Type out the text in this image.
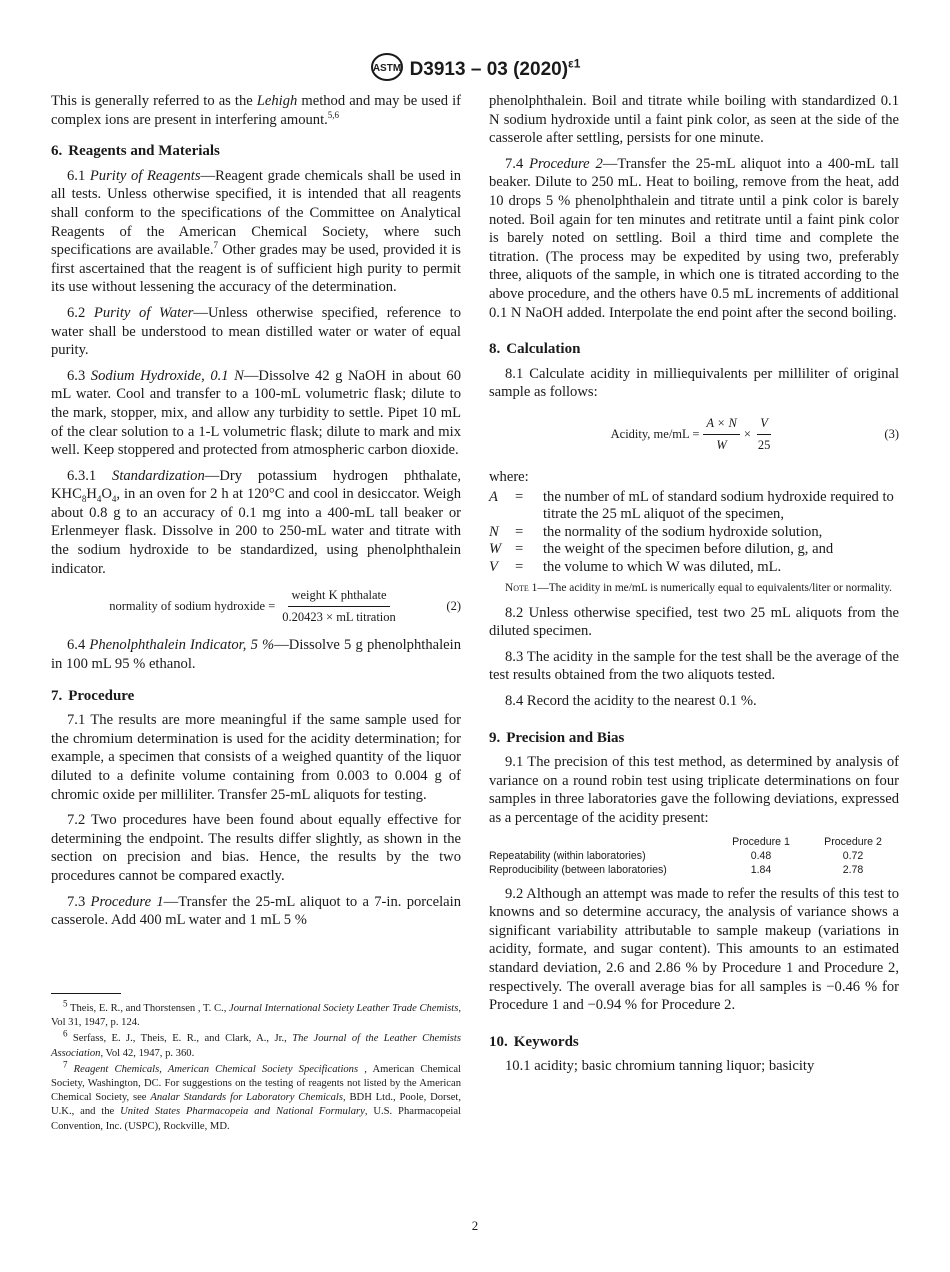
ASTM D3913 – 03 $(2020)^{\varepsilon 1}$

This is generally referred to as the Lehigh method and may be used if complex ions are present in interfering amount.$^{5,6}$

6. Reagents and Materials

6.1 Purity of Reagents—Reagent grade chemicals shall be used in all tests. Unless otherwise specified, it is intended that all reagents shall conform to the specifications of the Committee on Analytical Reagents of the American Chemical Society, where such specifications are available.$^7$ Other grades may be used, provided it is first ascertained that the reagent is of sufficient high purity to permit its use without lessening the accuracy of the determination.

6.2 Purity of Water—Unless otherwise specified, reference to water shall be understood to mean distilled water or water of equal purity.

6.3 Sodium Hydroxide, 0.1 N—Dissolve 42 g NaOH in about 60 mL water. Cool and transfer to a 100-mL volumetric flask; dilute to the mark, stopper, mix, and allow any turbidity to settle. Pipet 10 mL of the clear solution to a 1-L volumetric flask; dilute to mark and mix well. Keep stoppered and protected from atmospheric carbon dioxide.

6.3.1 Standardization—Dry potassium hydrogen phthalate, $KHC_8H_4O_4$, in an oven for 2 h at 120°C and cool in desiccator. Weigh about 0.8 g to an accuracy of 0.1 mg into a 400-mL tall beaker or Erlenmeyer flask. Dissolve in 200 to 250-mL water and titrate with the sodium hydroxide to be standardized, using phenolphthalein indicator.

normality of sodium hydroxide = $\frac{\text{weight K phthalate}}{\text{0.20423 × mL titration}}$	(2)

6.4 Phenolphthalein Indicator, 5 %—Dissolve 5 g phenolphthalein in 100 mL 95 % ethanol.

7. Procedure

7.1 The results are more meaningful if the same sample used for the chromium determination is used for the acidity determination; for example, a specimen that consists of a weighed quantity of the liquor diluted to a definite volume containing from 0.003 to 0.004 g of chromic oxide per milliliter. Transfer 25-mL aliquots for testing.

7.2 Two procedures have been found about equally effective for determining the endpoint. The results differ slightly, as shown in the section on precision and bias. Hence, the results by the two procedures cannot be compared exactly.

7.3 Procedure 1—Transfer the 25-mL aliquot to a 7-in. porcelain casserole. Add 400 mL water and 1 mL 5 %

$^5$ Theis, E. R., and Thorstensen , T. C., Journal International Society Leather Trade Chemists, Vol 31, 1947, p. 124.

$^6$ Serfass, E. J., Theis, E. R., and Clark, A., Jr., The Journal of the Leather Chemists Association, Vol 42, 1947, p. 360.

$^7$ Reagent Chemicals, American Chemical Society Specifications , American Chemical Society, Washington, DC. For suggestions on the testing of reagents not listed by the American Chemical Society, see Analar Standards for Laboratory Chemicals, BDH Ltd., Poole, Dorset, U.K., and the United States Pharmacopeia and National Formulary, U.S. Pharmacopeial Convention, Inc. (USPC), Rockville, MD.

phenolphthalein. Boil and titrate while boiling with standardized 0.1 N sodium hydroxide until a faint pink color, as seen at the side of the casserole after settling, persists for one minute.

7.4 Procedure 2—Transfer the 25-mL aliquot into a 400-mL tall beaker. Dilute to 250 mL. Heat to boiling, remove from the heat, add 10 drops 5 % phenolphthalein and titrate until a pink color is barely noted. Boil again for ten minutes and retitrate until a faint pink color is barely noted on settling. Boil a third time and complete the titration. (The process may be expedited by using two, preferably three, aliquots of the sample, in which one is titrated according to the above procedure, and the others have 0.5 mL increments of additional 0.1 N NaOH added. Interpolate the end point after the second boiling.

8. Calculation

8.1 Calculate acidity in milliequivalents per milliliter of original sample as follows:

Acidity, $me/mL = \frac{A \times N}{W} \times \frac{V}{25}$	(3)

where:

A	=	the number of mL of standard sodium hydroxide required to titrate the 25 mL aliquot of the specimen,
N	=	the normality of the sodium hydroxide solution,
W =	the weight of the specimen before dilution, g, and
V	=	the volume to which W was diluted, mL.
Note 1—The acidity in me/mL is numerically equal to equivalents/liter or normality.

8.2 Unless otherwise specified, test two 25 mL aliquots from the diluted specimen.

8.3 The acidity in the sample for the test shall be the average of the test results obtained from the two aliquots tested.

8.4 Record the acidity to the nearest 0.1 %.

9. Precision and Bias

9.1 The precision of this test method, as determined by analysis of variance on a round robin test using triplicate determinations on four samples in three laboratories gave the following deviations, expressed as a percentage of the acidity present:

	Procedure 1	Procedure 2
Repeatability (within laboratories)	0.48	0.72
Reproducibility (between laboratories)	1.84	2.78

9.2 Although an attempt was made to refer the results of this test to knowns and so determine accuracy, the analysis of variance shows a significant variability attributable to sample makeup (variations in acidity, formate, and sugar content). This amounts to an estimated standard deviation, 2.6 and 2.86 % by Procedure 1 and Procedure 2, respectively. The overall average bias for all samples is −0.46 % for Procedure 1 and −0.94 % for Procedure 2.

10. Keywords

10.1 acidity; basic chromium tanning liquor; basicity

2
